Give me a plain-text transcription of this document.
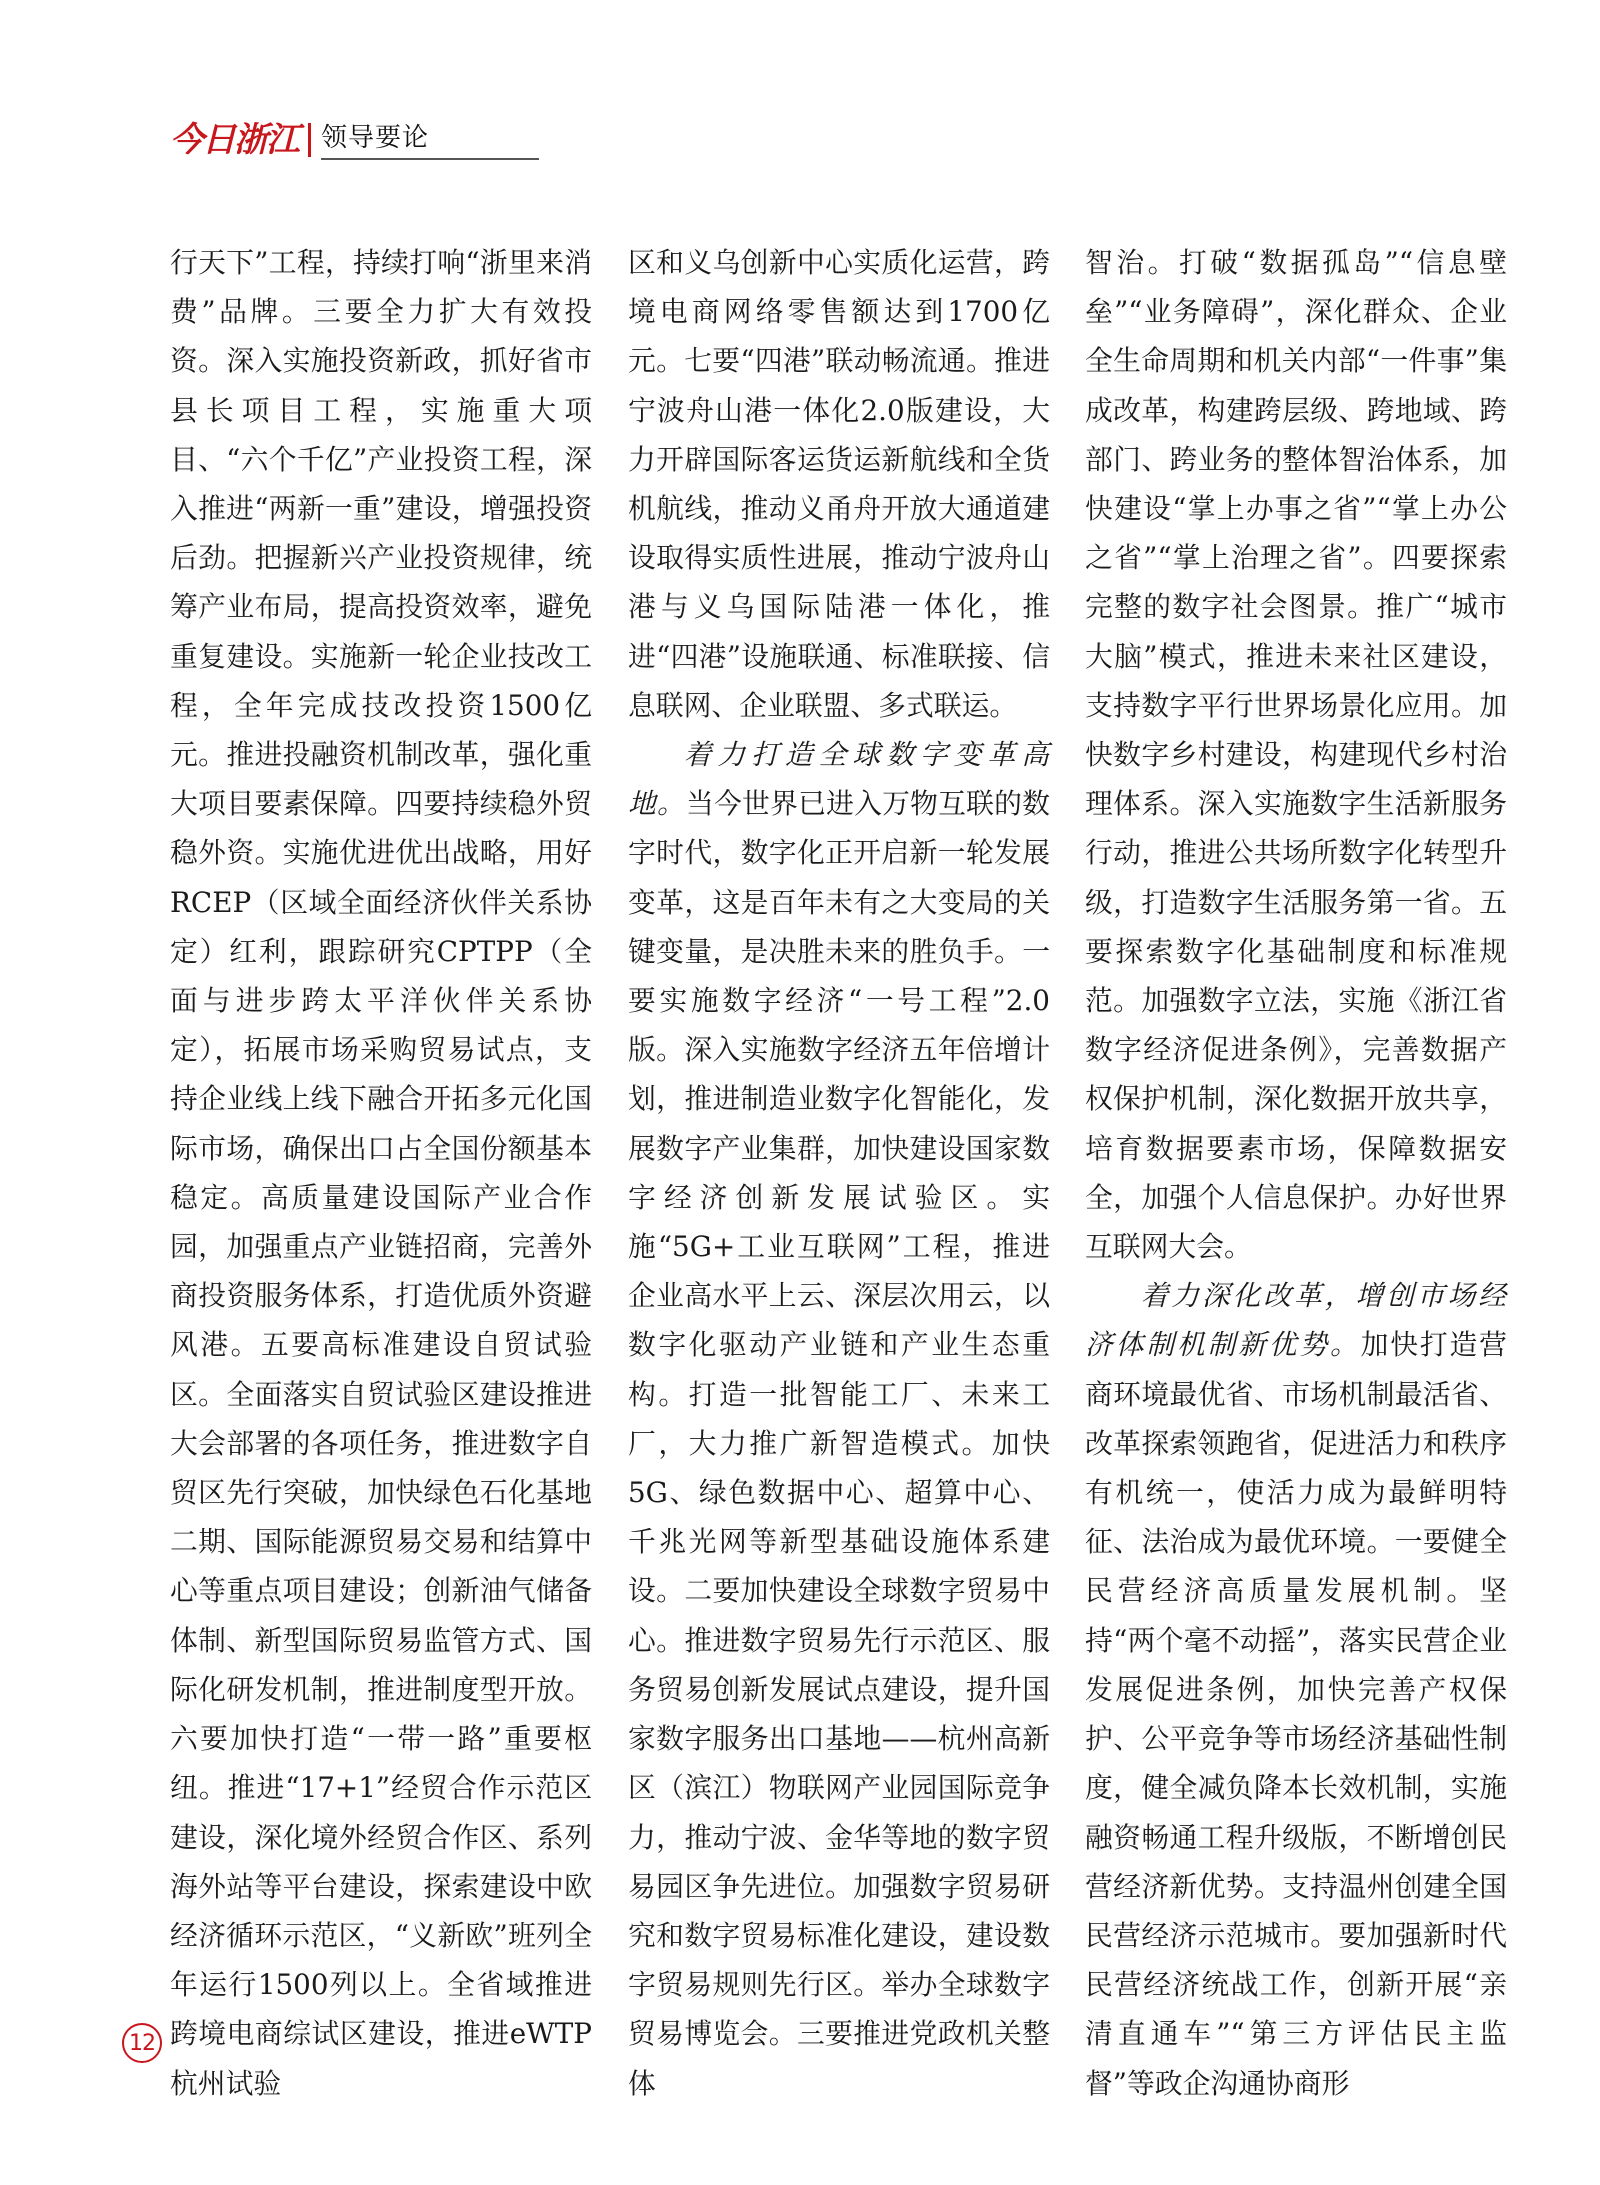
今日浙江 领导要论

行天下”工程，持续打响“浙里来消费”品牌。三要全力扩大有效投资。深入实施投资新政，抓好省市县长项目工程，实施重大项目、“六个千亿”产业投资工程，深入推进“两新一重”建设，增强投资后劲。把握新兴产业投资规律，统筹产业布局，提高投资效率，避免重复建设。实施新一轮企业技改工程，全年完成技改投资1500亿元。推进投融资机制改革，强化重大项目要素保障。四要持续稳外贸稳外资。实施优进优出战略，用好RCEP（区域全面经济伙伴关系协定）红利，跟踪研究CPTPP（全面与进步跨太平洋伙伴关系协定），拓展市场采购贸易试点，支持企业线上线下融合开拓多元化国际市场，确保出口占全国份额基本稳定。高质量建设国际产业合作园，加强重点产业链招商，完善外商投资服务体系，打造优质外资避风港。五要高标准建设自贸试验区。全面落实自贸试验区建设推进大会部署的各项任务，推进数字自贸区先行突破，加快绿色石化基地二期、国际能源贸易交易和结算中心等重点项目建设；创新油气储备体制、新型国际贸易监管方式、国际化研发机制，推进制度型开放。六要加快打造“一带一路”重要枢纽。推进“17+1”经贸合作示范区建设，深化境外经贸合作区、系列海外站等平台建设，探索建设中欧经济循环示范区，“义新欧”班列全年运行1500列以上。全省域推进跨境电商综试区建设，推进eWTP杭州试验

区和义乌创新中心实质化运营，跨境电商网络零售额达到1700亿元。七要“四港”联动畅流通。推进宁波舟山港一体化2.0版建设，大力开辟国际客运货运新航线和全货机航线，推动义甬舟开放大通道建设取得实质性进展，推动宁波舟山港与义乌国际陆港一体化，推进“四港”设施联通、标准联接、信息联网、企业联盟、多式联运。

着力打造全球数字变革高地。当今世界已进入万物互联的数字时代，数字化正开启新一轮发展变革，这是百年未有之大变局的关键变量，是决胜未来的胜负手。一要实施数字经济“一号工程”2.0版。深入实施数字经济五年倍增计划，推进制造业数字化智能化，发展数字产业集群，加快建设国家数字经济创新发展试验区。实施“5G+工业互联网”工程，推进企业高水平上云、深层次用云，以数字化驱动产业链和产业生态重构。打造一批智能工厂、未来工厂，大力推广新智造模式。加快5G、绿色数据中心、超算中心、千兆光网等新型基础设施体系建设。二要加快建设全球数字贸易中心。推进数字贸易先行示范区、服务贸易创新发展试点建设，提升国家数字服务出口基地——杭州高新区（滨江）物联网产业园国际竞争力，推动宁波、金华等地的数字贸易园区争先进位。加强数字贸易研究和数字贸易标准化建设，建设数字贸易规则先行区。举办全球数字贸易博览会。三要推进党政机关整体

智治。打破“数据孤岛”“信息壁垒”“业务障碍”，深化群众、企业全生命周期和机关内部“一件事”集成改革，构建跨层级、跨地域、跨部门、跨业务的整体智治体系，加快建设“掌上办事之省”“掌上办公之省”“掌上治理之省”。四要探索完整的数字社会图景。推广“城市大脑”模式，推进未来社区建设，支持数字平行世界场景化应用。加快数字乡村建设，构建现代乡村治理体系。深入实施数字生活新服务行动，推进公共场所数字化转型升级，打造数字生活服务第一省。五要探索数字化基础制度和标准规范。加强数字立法，实施《浙江省数字经济促进条例》，完善数据产权保护机制，深化数据开放共享，培育数据要素市场，保障数据安全，加强个人信息保护。办好世界互联网大会。

着力深化改革，增创市场经济体制机制新优势。加快打造营商环境最优省、市场机制最活省、改革探索领跑省，促进活力和秩序有机统一，使活力成为最鲜明特征、法治成为最优环境。一要健全民营经济高质量发展机制。坚持“两个毫不动摇”，落实民营企业发展促进条例，加快完善产权保护、公平竞争等市场经济基础性制度，健全减负降本长效机制，实施融资畅通工程升级版，不断增创民营经济新优势。支持温州创建全国民营经济示范城市。要加强新时代民营经济统战工作，创新开展“亲清直通车”“第三方评估民主监督”等政企沟通协商形

12
